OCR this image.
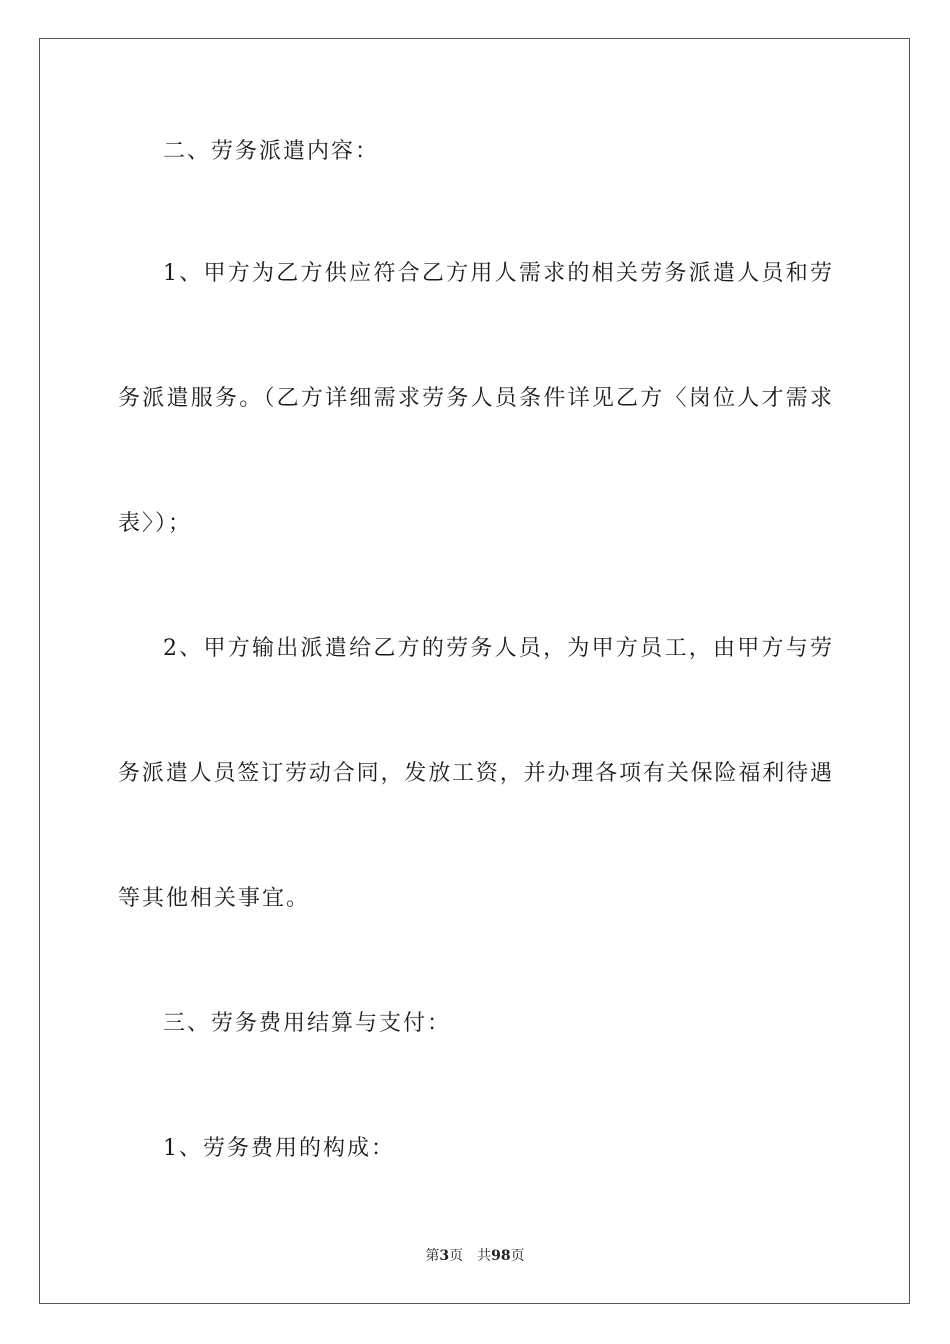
二、劳务派遣内容：
1、甲方为乙方供应符合乙方用人需求的相关劳务派遣人员和劳
务派遣服务。（乙方详细需求劳务人员条件详见乙方〈岗位人才需求
表〉）；
2、甲方输出派遣给乙方的劳务人员，为甲方员工，由甲方与劳
务派遣人员签订劳动合同，发放工资，并办理各项有关保险福利待遇
等其他相关事宜。
三、劳务费用结算与支付：
1、劳务费用的构成：
第3页 共98页
